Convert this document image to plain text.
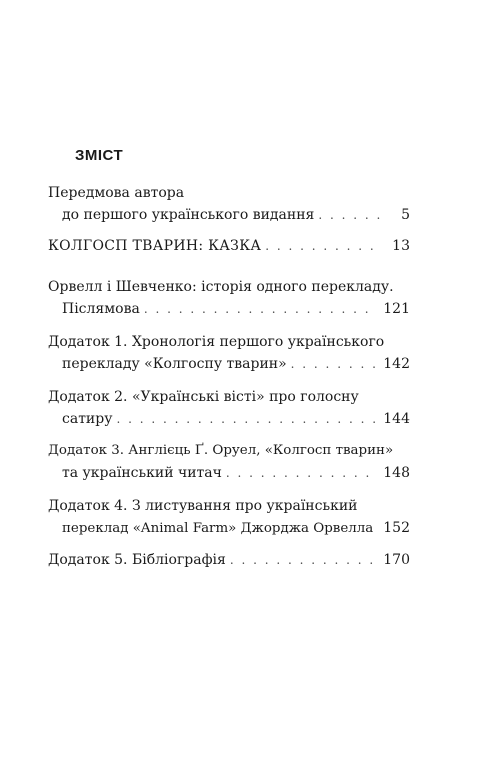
ЗМІСТ
Передмова автора
до першого українського видання . . .	5
КОЛГОСП ТВАРИН: КАЗКА . . .	13
Орвелл і Шевченко: історія одного перекладу.
Післямова . . .	121
Додаток 1. Хронологія першого українського
перекладу «Колгоспу тварин» . . .	142
Додаток 2. «Українські вісті» про голосну
сатиру . . .	144
Додаток 3. Англієць Ґ. Оруел, «Колгосп тварин»
та український читач . . .	148
Додаток 4. З листування про український
переклад «Animal Farm» Джорджа Орвелла . . . 152
Додаток 5. Бібліографія . . .	170
